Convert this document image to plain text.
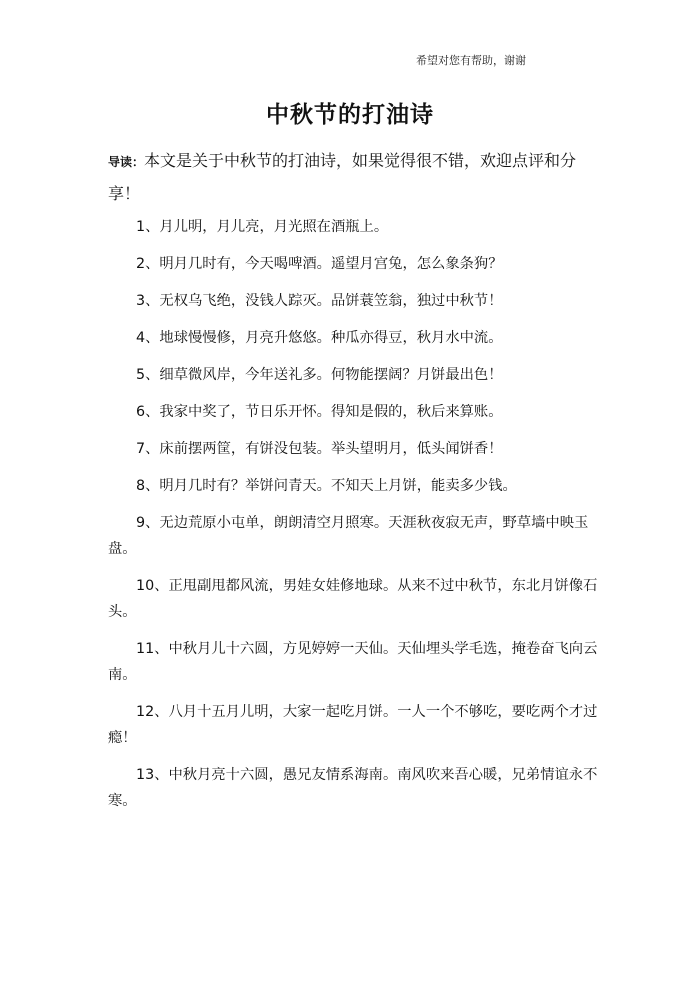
希望对您有帮助，谢谢
中秋节的打油诗
导读：本文是关于中秋节的打油诗，如果觉得很不错，欢迎点评和分享！

1、月儿明，月儿亮，月光照在酒瓶上。

2、明月几时有，今天喝啤酒。遥望月宫兔，怎么象条狗？

3、无权乌飞绝，没钱人踪灭。品饼蓑笠翁，独过中秋节！

4、地球慢慢修，月亮升悠悠。种瓜亦得豆，秋月水中流。

5、细草微风岸，今年送礼多。何物能摆阔？月饼最出色！

6、我家中奖了，节日乐开怀。得知是假的，秋后来算账。

7、床前摆两筐，有饼没包装。举头望明月，低头闻饼香！

8、明月几时有？举饼问青天。不知天上月饼，能卖多少钱。

9、无边荒原小屯单，朗朗清空月照寒。天涯秋夜寂无声，野草墙中映玉盘。

10、正甩副甩都风流，男娃女娃修地球。从来不过中秋节，东北月饼像石头。

11、中秋月儿十六圆，方见婷婷一天仙。天仙埋头学毛选，掩卷奋飞向云南。

12、八月十五月儿明，大家一起吃月饼。一人一个不够吃，要吃两个才过瘾！

13、中秋月亮十六圆，愚兄友情系海南。南风吹来吾心暖，兄弟情谊永不寒。
